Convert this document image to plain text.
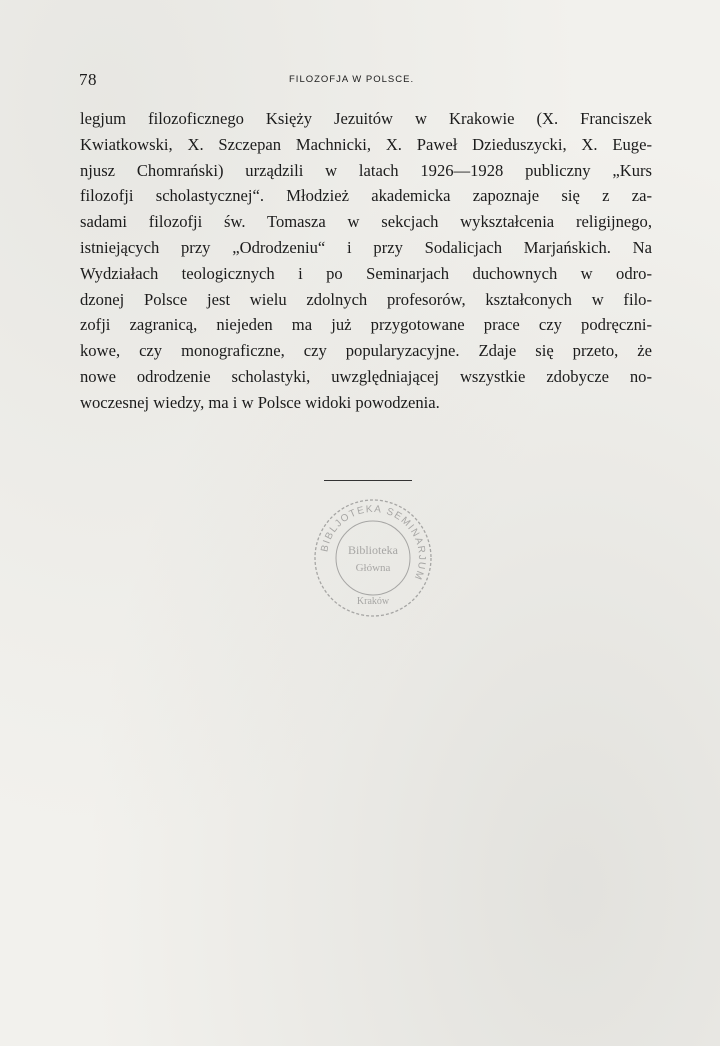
78	FILOZOFJA W POLSCE.

legjum filozoficznego Księży Jezuitów w Krakowie (X. Franciszek
Kwiatkowski, X. Szczepan Machnicki, X. Paweł Dzieduszycki, X. Euge-
njusz Chomrański) urządzili w latach 1926—1928 publiczny „Kurs
filozofji scholastycznej“. Młodzież akademicka zapoznaje się z za-
sadami filozofji św. Tomasza w sekcjach wykształcenia religijnego,
istniejących przy „Odrodzeniu“ i przy Sodalicjach Marjańskich. Na
Wydziałach teologicznych i po Seminarjach duchownych w odro-
dzonej Polsce jest wielu zdolnych profesorów, kształconych w filo-
zofji zagranicą, niejeden ma już przygotowane prace czy podręczni-
kowe, czy monograficzne, czy popularyzacyjne. Zdaje się przeto, że
nowe odrodzenie scholastyki, uwzględniającej wszystkie zdobycze no-
woczesnej wiedzy, ma i w Polsce widoki powodzenia.

BIBLJOTEKA SEMINARJUM
Biblioteka
Główna
Kraków
